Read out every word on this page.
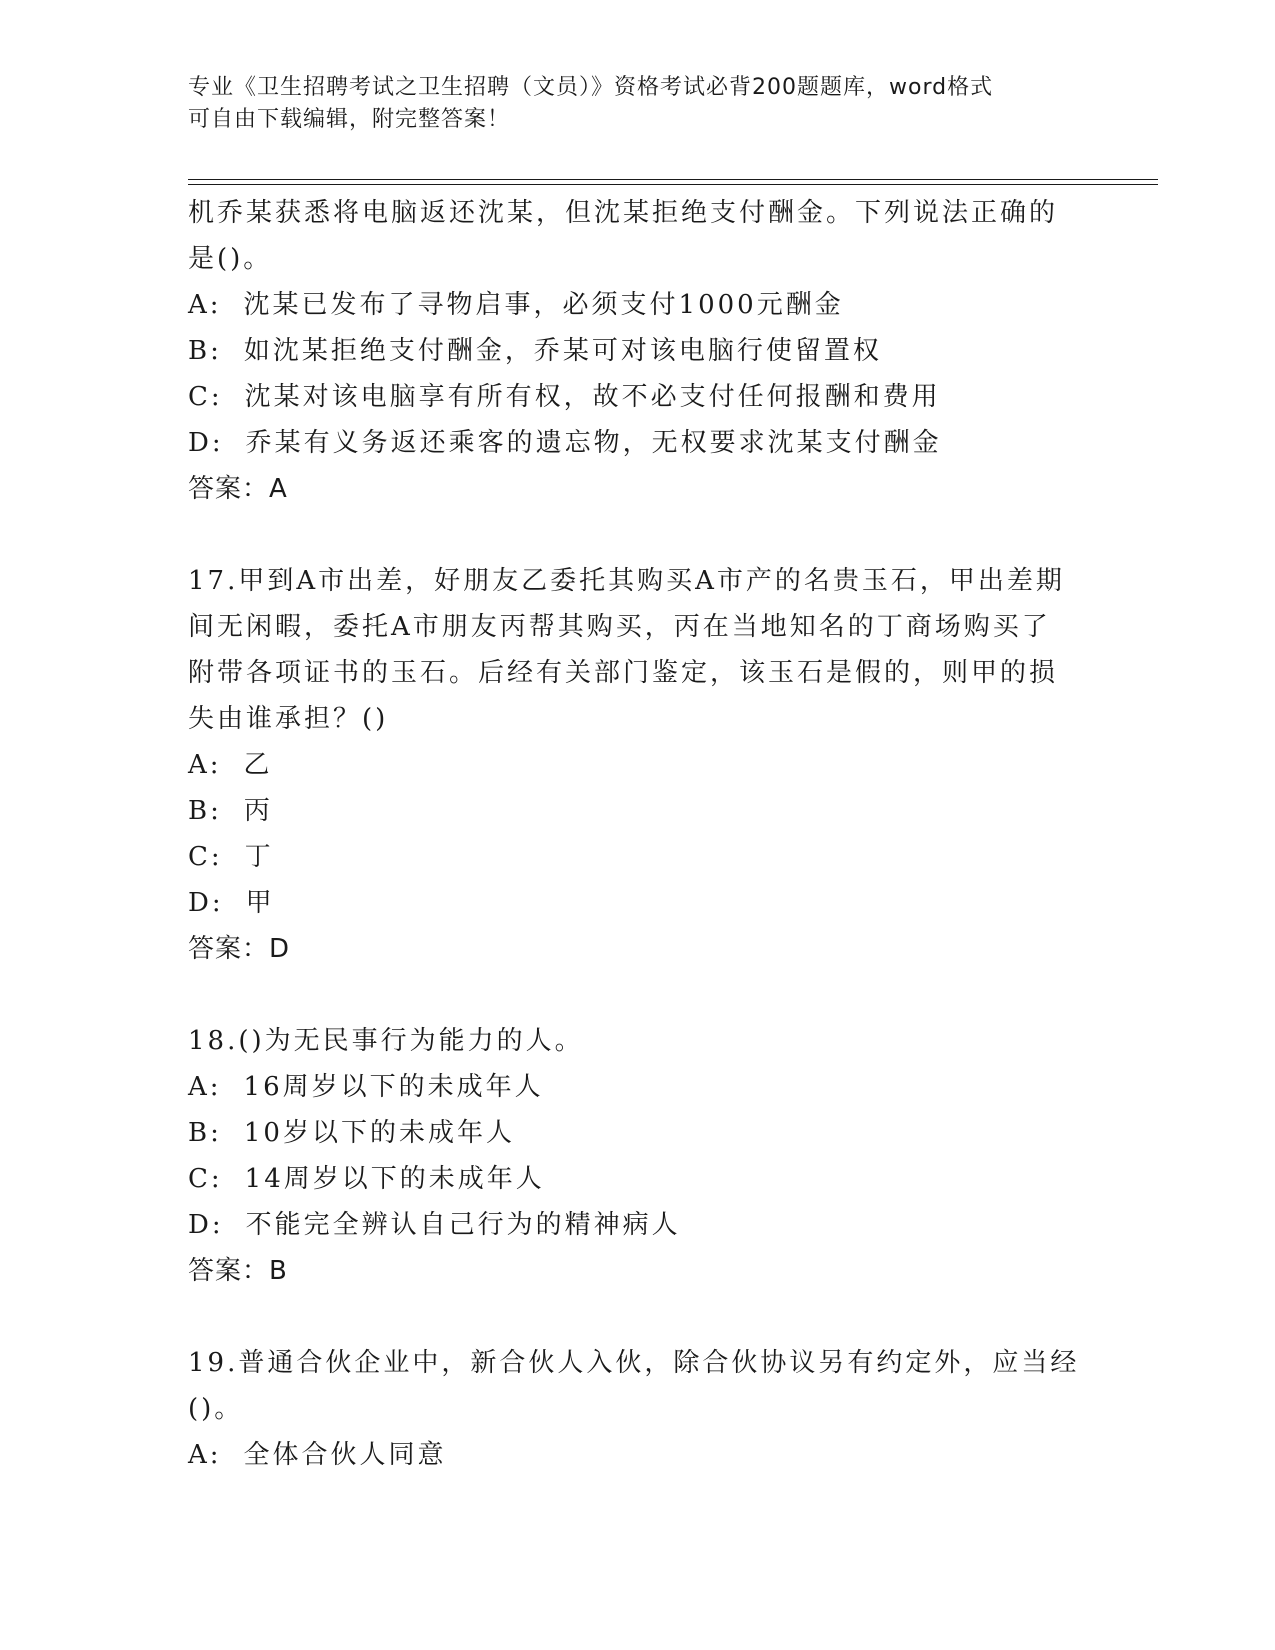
专业《卫生招聘考试之卫生招聘（文员）》资格考试必背200题题库，word格式
可自由下载编辑，附完整答案！
机乔某获悉将电脑返还沈某，但沈某拒绝支付酬金。下列说法正确的
是()。
A: 沈某已发布了寻物启事，必须支付1000元酬金
B: 如沈某拒绝支付酬金，乔某可对该电脑行使留置权
C: 沈某对该电脑享有所有权，故不必支付任何报酬和费用
D: 乔某有义务返还乘客的遗忘物，无权要求沈某支付酬金
答案：A
17.甲到A市出差，好朋友乙委托其购买A市产的名贵玉石，甲出差期
间无闲暇，委托A市朋友丙帮其购买，丙在当地知名的丁商场购买了
附带各项证书的玉石。后经有关部门鉴定，该玉石是假的，则甲的损
失由谁承担？()
A: 乙
B: 丙
C: 丁
D: 甲
答案：D
18.()为无民事行为能力的人。
A: 16周岁以下的未成年人
B: 10岁以下的未成年人
C: 14周岁以下的未成年人
D: 不能完全辨认自己行为的精神病人
答案：B
19.普通合伙企业中，新合伙人入伙，除合伙协议另有约定外，应当经
()。
A: 全体合伙人同意
